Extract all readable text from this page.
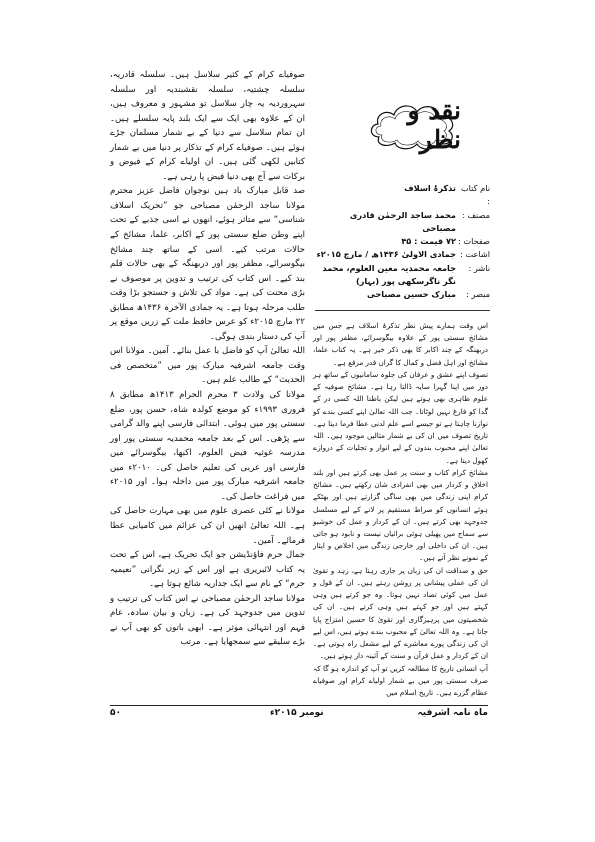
نقد و نظر
نام کتاب :
تذکرۂ اسلاف
مصنف :
محمد ساجد الرحمٰن قادری مصباحی
صفحات :
۷۲ قیمت : ۴۵
اشاعت :
جمادی الاولیٰ ۱۴۳۶ھ / مارچ ۲۰۱۵ء
ناشر :
جامعہ محمدیہ معین العلوم، محمد نگر ناگرسکھی پور (بہار)
مبصر :
مبارک حسین مصباحی

صوفیاے کرام کے کثیر سلاسل ہیں۔ سلسلہ قادریہ، سلسلہ چشتیہ، سلسلہ نقشبندیہ اور سلسلہ سہروردیہ یہ چار سلاسل تو مشہور و معروف ہیں، ان کے علاوہ بھی ایک سے ایک بلند پایہ سلسلے ہیں۔ ان تمام سلاسل سے دنیا کے بے شمار مسلمان جڑے ہوئے ہیں۔ صوفیاے کرام کے تذکار پر دنیا میں بے شمار کتابیں لکھی گئی ہیں۔ ان اولیاے کرام کے فیوض و برکات سے آج بھی دنیا فیض پا رہی ہے۔

صد قابل مبارک باد ہیں نوجوان فاضل عزیز محترم مولانا ساجد الرحمٰن مصباحی جو ”تحریک اسلاف شناسی“ سے متاثر ہوئے، انھوں نے اسی جذبے کے تحت اپنے وطن ضلع سستی پور کے اکابر، علما، مشائخ کے حالات مرتب کیے۔ اسی کے ساتھ چند مشائخ بیگوسرائے، مظفر پور اور دربھنگہ کے بھی حالات قلم بند کیے۔ اس کتاب کی ترتیب و تدوین پر موصوف نے بڑی محنت کی ہے۔ مواد کی تلاش و جستجو بڑا وقت طلب مرحلہ ہوتا ہے۔ یہ جمادی الآخرہ ۱۴۳۶ھ مطابق ۲۲ مارچ ۲۰۱۵ء کو عرس حافظ ملت کے زریں موقع پر آپ کی دستار بندی ہوگی۔

اللہ تعالیٰ آپ کو فاضل با عمل بنائے۔ آمین۔ مولانا اس وقت جامعہ اشرفیہ مبارک پور میں ”متخصص فی الحدیث“ کے طالب علم ہیں۔

مولانا کی ولادت ۳ محرم الحرام ۱۴۱۳ھ مطابق ۸ فروری ۱۹۹۳ء کو موضع کولدہ شاہ، حسن پور، ضلع سستی پور میں ہوئی۔ ابتدائی فارسی اپنے والد گرامی سے پڑھی۔ اس کے بعد جامعہ محمدیہ سستی پور اور مدرسہ غوثیہ فیض العلوم، اکبھا، بیگوسرائے میں فارسی اور عربی کی تعلیم حاصل کی۔ ۲۰۱۰ء میں جامعہ اشرفیہ مبارک پور میں داخلہ ہوا۔ اور ۲۰۱۵ء میں فراغت حاصل کی۔

مولانا نے کئی عصری علوم میں بھی مہارت حاصل کی ہے۔ اللہ تعالیٰ انھیں ان کی عزائم میں کامیابی عطا فرمائے۔ آمین۔

جمال حرم فاؤنڈیشن جو ایک تحریک ہے، اس کے تحت یہ کتاب لائبریری ہے اور اس کے زیر نگرانی ”نعیمیہ حرم“ کے نام سے ایک جداریہ شائع ہوتا ہے۔

مولانا ساجد الرحمٰن مصباحی نے اس کتاب کی ترتیب و تدوین میں جدوجہد کی ہے۔ زبان و بیان سادہ، عام فہم اور انتہائی موثر ہے۔ ابھی باتوں کو بھی آپ نے بڑے سلیقے سے سمجھایا ہے۔ مرتب

اس وقت ہمارے پیش نظر تذکرۂ اسلاف ہے جس میں مشائخ سستی پور کے علاوہ بیگوسرائے، مظفر پور اور دربھنگہ کے چند اکابر کا بھی ذکر خیر ہے۔ یہ کتاب علما، مشائخ اور اہل فضل و کمال کا گراں قدر مرقع ہے۔

تصوف اپنے عشق و عرفان کی جلوہ سامانیوں کے ساتھ ہر دور میں اپنا گہرا سایہ ڈالتا رہا ہے۔ مشائخ صوفیہ کے علوم ظاہری بھی ہوتے ہیں لیکن باطنا اللہ کسی در کے گدا کو فارغ نہیں لوٹاتا۔ جب اللہ تعالیٰ اپنے کسی بندے کو نوازنا چاہتا ہے تو جیسے اسے علم لدنی عطا فرما دیتا ہے۔ تاریخ تصوف میں ان کی بے شمار مثالیں موجود ہیں۔ اللہ تعالیٰ اپنے محبوب بندوں کے لیے انوار و تجلیات کے دروازے کھول دیتا ہے۔

مشائخ کرام کتاب و سنت پر عمل بھی کرتے ہیں اور بلند اخلاق و کردار میں بھی انفرادی شان رکھتے ہیں۔ مشائخ کرام اپنی زندگی میں بھی ساگی گزارتے ہیں اور بھٹکے ہوئے انسانوں کو صراط مستقیم پر لانے کے لیے مسلسل جدوجہد بھی کرتے ہیں۔ ان کے کردار و عمل کی خوشبو سے سماج میں پھیلی ہوئی برائیاں نیست و نابود ہو جاتی ہیں۔ ان کی داخلی اور خارجی زندگی میں اخلاص و ایثار کے نمونے نظر آتے ہیں۔

حق و صداقت ان کی زبان پر جاری رہتا ہے، زہد و تقویٰ ان کی عملی پیشانی پر روشن رہتے ہیں۔ ان کے قول و عمل میں کوئی تضاد نہیں ہوتا۔ وہ جو کرتے ہیں وہی کہتے ہیں اور جو کہتے ہیں وہی کرتے ہیں۔ ان کی شخصیتوں میں پرہیزگاری اور تقویٰ کا حسین امتزاج پایا جاتا ہے۔ وہ اللہ تعالیٰ کے محبوب بندے ہوتے ہیں، اس لیے ان کی زندگی پورے معاشرے کے لیے مشعل راہ ہوتی ہے۔ ان کے کردار و عمل قرآن و سنت کے آئینہ دار ہوتے ہیں۔

آپ انسانی تاریخ کا مطالعہ کریں تو آپ کو اندازہ ہو گا کہ صرف سستی پور میں بے شمار اولیاے کرام اور صوفیاے عظام گزرے ہیں۔ تاریخ اسلام میں

۵۰	نومبر ۲۰۱۵ء	ماہ نامہ اشرفیہ
